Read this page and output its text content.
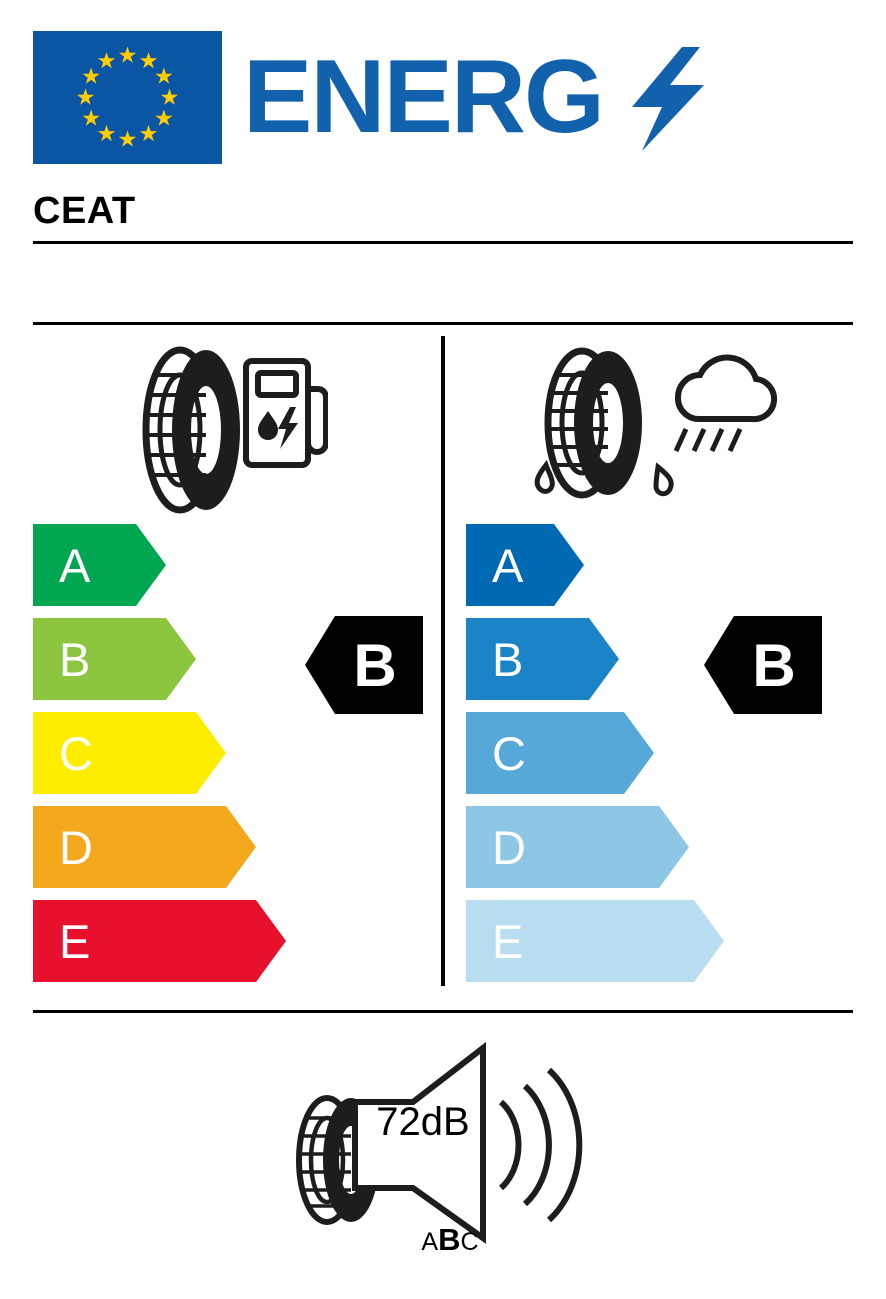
ENERG
CEAT
A
B
C
D
E
A
B
C
D
E
B	B
72dB
ABC
